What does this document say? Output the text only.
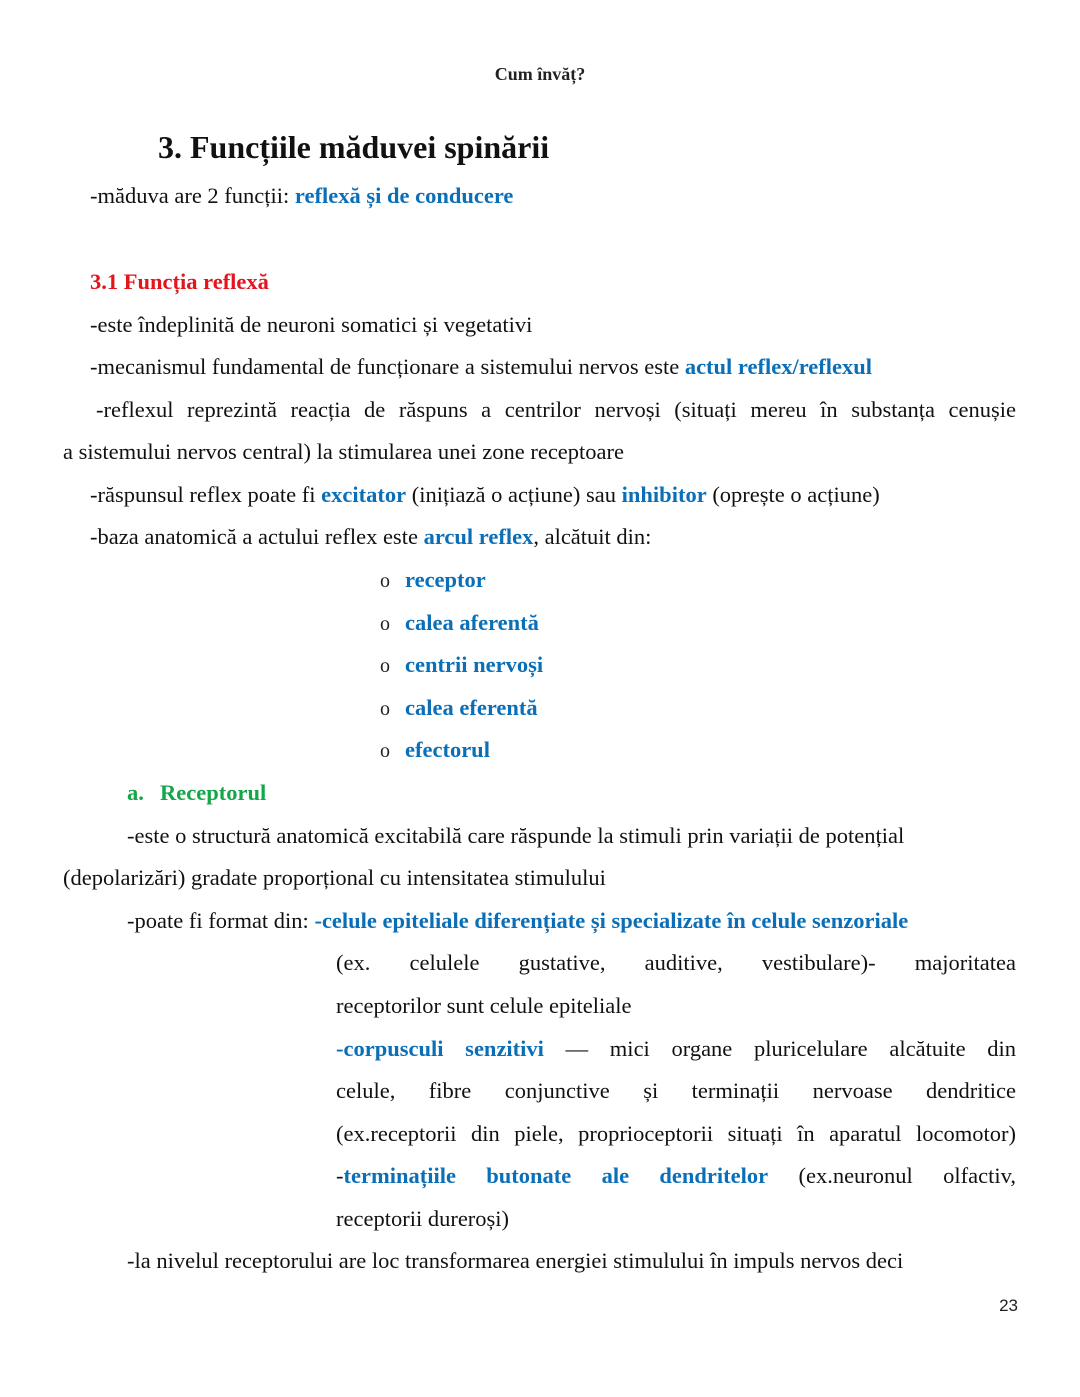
Cum învăț?
3. Funcțiile măduvei spinării
-măduva are 2 funcții: reflexă și de conducere
3.1 Funcția reflexă
-este îndeplinită de neuroni somatici și vegetativi
-mecanismul fundamental de funcționare a sistemului nervos este actul reflex/reflexul
-reflexul reprezintă reacția de răspuns a centrilor nervoși (situați mereu în substanța cenușie
a sistemului nervos central) la stimularea unei zone receptoare
-răspunsul reflex poate fi excitator (inițiază o acțiune) sau inhibitor (oprește o acțiune)
-baza anatomică a actului reflex este arcul reflex, alcătuit din:
o receptor
o calea aferentă
o centrii nervoși
o calea eferentă
o efectorul
a. Receptorul
-este o structură anatomică excitabilă care răspunde la stimuli prin variații de potențial
(depolarizări) gradate proporțional cu intensitatea stimulului
-poate fi format din: -celule epiteliale diferențiate și specializate în celule senzoriale
(ex. celulele gustative, auditive, vestibulare)- majoritatea
receptorilor sunt celule epiteliale
-corpusculi senzitivi — mici organe pluricelulare alcătuite din
celule, fibre conjunctive și terminații nervoase dendritice
(ex.receptorii din piele, proprioceptorii situați în aparatul locomotor)
-terminațiile butonate ale dendritelor (ex.neuronul olfactiv,
receptorii dureroși)
-la nivelul receptorului are loc transformarea energiei stimulului în impuls nervos deci
23
